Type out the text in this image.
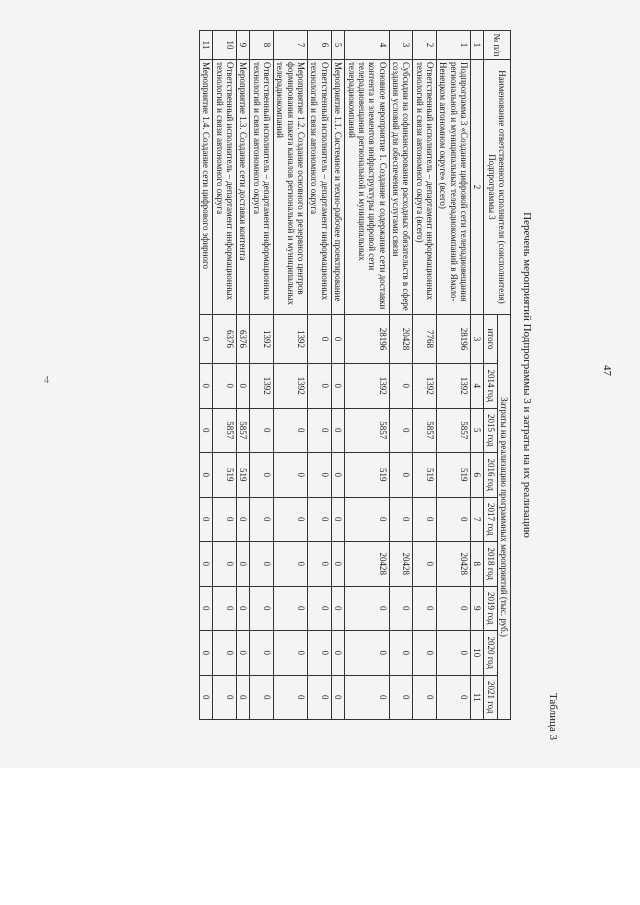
4
47
Таблица 3
Перечень мероприятий Подпрограммы 3 и затраты на их реализацию
№ п/п	Наименование ответственного исполнителя (соисполнителя) Подпрограммы 3	Затраты на реализацию программных мероприятий (тыс. руб.)								
		итого	2014 год	2015 год	2016 год	2017 год	2018 год	2019 год	2020 год	2021 год
1	2	3	4	5	6	7	8	9	10	11
1	Подпрограмма 3 «Создание цифровой сети телерадиовещания региональной и муниципальных телерадиокомпаний в Ямало-Ненецком автономном округе» (всего)	28196	1392	5857	519	0	20428	0	0	0
2	Ответственный исполнитель – департамент информационных технологий и связи автономного округа (всего)	7768	1392	5857	519	0	0	0	0	0
3	Субсидии на софинансирование расходных обязательств в сфере создания условий для обеспечения услугами связи	20428	0	0	0	0	20428	0	0	0
4	Основное мероприятие 1. Создание и содержание сети доставки контента и элементов инфраструктуры цифровой сети телерадиовещания региональной и муниципальных телерадиокомпаний	28196	1392	5857	519	0	20428	0	0	0
5	Мероприятие 1.1. Системное и техно-рабочее проектирование	0	0	0	0	0	0	0	0	0
6	Ответственный исполнитель – департамент информационных технологий и связи автономного округа	0	0	0	0	0	0	0	0	0
7	Мероприятие 1.2. Создание основного и резервного центров формирования пакета каналов региональной и муниципальных телерадиокомпаний	1392	1392	0	0	0	0	0	0	0
8	Ответственный исполнитель – департамент информационных технологий и связи автономного округа	1392	1392	0	0	0	0	0	0	0
9	Мероприятие 1.3. Создание сети доставки контента	6376	0	5857	519	0	0	0	0	0
10	Ответственный исполнитель – департамент информационных технологий и связи автономного округа	6376	0	5857	519	0	0	0	0	0
11	Мероприятие 1.4. Создание сети цифрового эфирного	0	0	0	0	0	0	0	0	0
